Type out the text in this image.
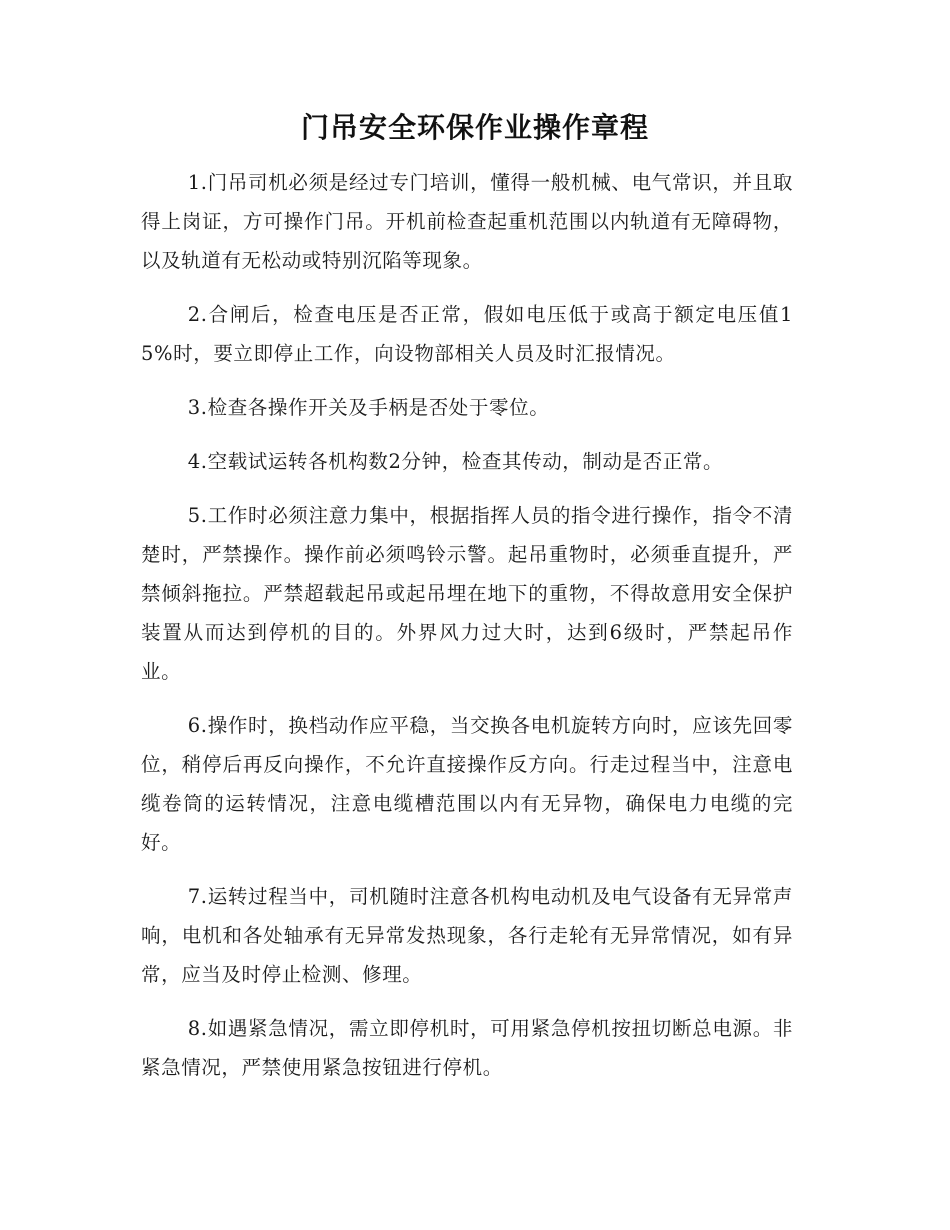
门吊安全环保作业操作章程

1.门吊司机必须是经过专门培训，懂得一般机械、电气常识，并且取得上岗证，方可操作门吊。开机前检查起重机范围以内轨道有无障碍物，以及轨道有无松动或特别沉陷等现象。

2.合闸后，检查电压是否正常，假如电压低于或高于额定电压值15%时，要立即停止工作，向设物部相关人员及时汇报情况。

3.检查各操作开关及手柄是否处于零位。

4.空载试运转各机构数2分钟，检查其传动，制动是否正常。

5.工作时必须注意力集中，根据指挥人员的指令进行操作，指令不清楚时，严禁操作。操作前必须鸣铃示警。起吊重物时，必须垂直提升，严禁倾斜拖拉。严禁超载起吊或起吊埋在地下的重物，不得故意用安全保护装置从而达到停机的目的。外界风力过大时，达到6级时，严禁起吊作业。

6.操作时，换档动作应平稳，当交换各电机旋转方向时，应该先回零位，稍停后再反向操作，不允许直接操作反方向。行走过程当中，注意电缆卷筒的运转情况，注意电缆槽范围以内有无异物，确保电力电缆的完好。

7.运转过程当中，司机随时注意各机构电动机及电气设备有无异常声响，电机和各处轴承有无异常发热现象，各行走轮有无异常情况，如有异常，应当及时停止检测、修理。

8.如遇紧急情况，需立即停机时，可用紧急停机按扭切断总电源。非紧急情况，严禁使用紧急按钮进行停机。
